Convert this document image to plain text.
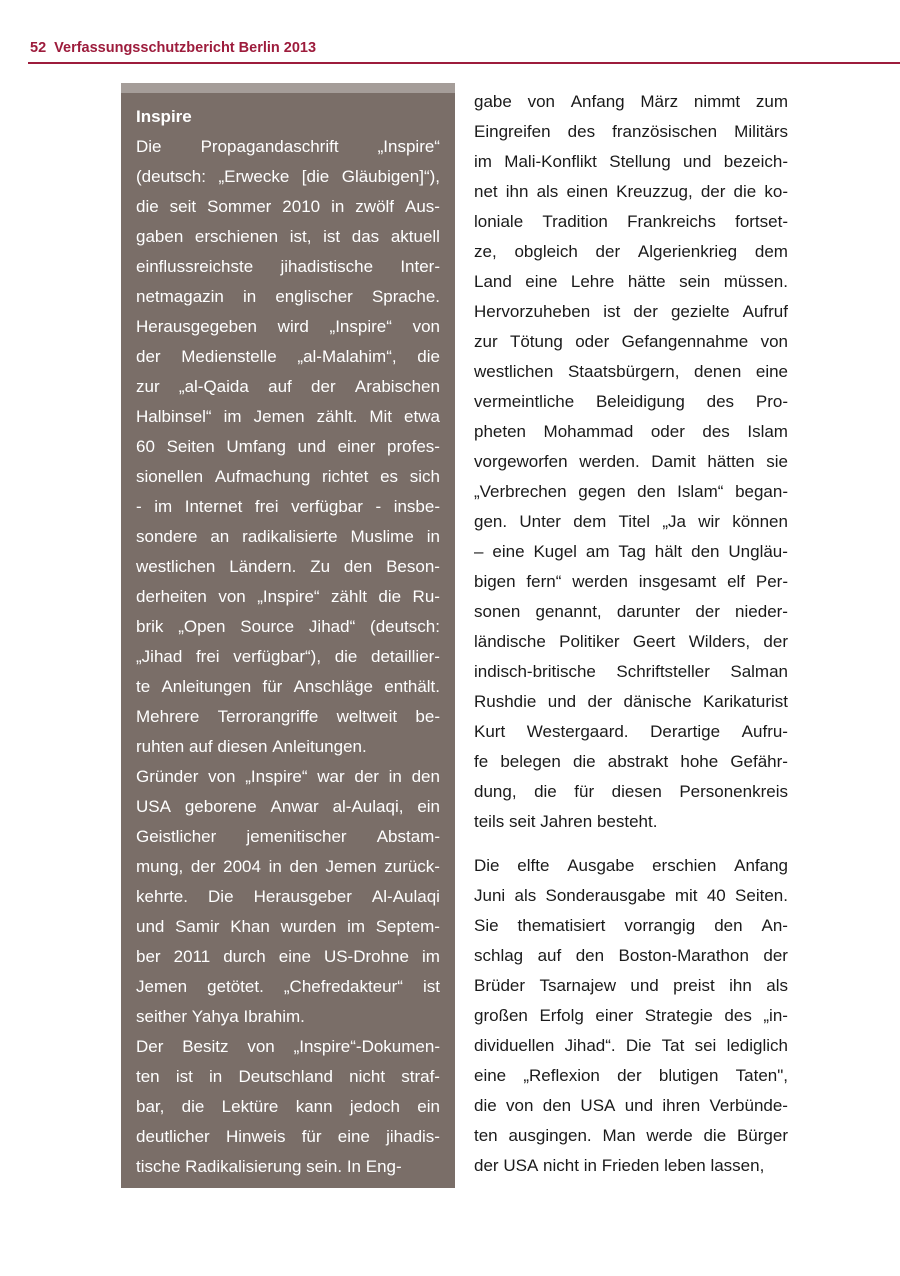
52 Verfassungsschutzbericht Berlin 2013
Inspire
Die Propagandaschrift „Inspire“
(deutsch: „Erwecke [die Gläubigen]“),
die seit Sommer 2010 in zwölf Aus-
gaben erschienen ist, ist das aktuell
einflussreichste jihadistische Inter-
netmagazin in englischer Sprache.
Herausgegeben wird „Inspire“ von
der Medienstelle „al-Malahim“, die
zur „al-Qaida auf der Arabischen
Halbinsel“ im Jemen zählt. Mit etwa
60 Seiten Umfang und einer profes-
sionellen Aufmachung richtet es sich
- im Internet frei verfügbar - insbe-
sondere an radikalisierte Muslime in
westlichen Ländern. Zu den Beson-
derheiten von „Inspire“ zählt die Ru-
brik „Open Source Jihad“ (deutsch:
„Jihad frei verfügbar“), die detaillier-
te Anleitungen für Anschläge enthält.
Mehrere Terrorangriffe weltweit be-
ruhten auf diesen Anleitungen.
Gründer von „Inspire“ war der in den
USA geborene Anwar al-Aulaqi, ein
Geistlicher jemenitischer Abstam-
mung, der 2004 in den Jemen zurück-
kehrte. Die Herausgeber Al-Aulaqi
und Samir Khan wurden im Septem-
ber 2011 durch eine US-Drohne im
Jemen getötet. „Chefredakteur“ ist
seither Yahya Ibrahim.
Der Besitz von „Inspire“-Dokumen-
ten ist in Deutschland nicht straf-
bar, die Lektüre kann jedoch ein
deutlicher Hinweis für eine jihadis-
tische Radikalisierung sein. In Eng-
gabe von Anfang März nimmt zum
Eingreifen des französischen Militärs
im Mali-Konflikt Stellung und bezeich-
net ihn als einen Kreuzzug, der die ko-
loniale Tradition Frankreichs fortset-
ze, obgleich der Algerienkrieg dem
Land eine Lehre hätte sein müssen.
Hervorzuheben ist der gezielte Aufruf
zur Tötung oder Gefangennahme von
westlichen Staatsbürgern, denen eine
vermeintliche Beleidigung des Pro-
pheten Mohammad oder des Islam
vorgeworfen werden. Damit hätten sie
„Verbrechen gegen den Islam“ began-
gen. Unter dem Titel „Ja wir können
– eine Kugel am Tag hält den Ungläu-
bigen fern“ werden insgesamt elf Per-
sonen genannt, darunter der nieder-
ländische Politiker Geert Wilders, der
indisch-britische Schriftsteller Salman
Rushdie und der dänische Karikaturist
Kurt Westergaard. Derartige Aufru-
fe belegen die abstrakt hohe Gefähr-
dung, die für diesen Personenkreis
teils seit Jahren besteht.
Die elfte Ausgabe erschien Anfang
Juni als Sonderausgabe mit 40 Seiten.
Sie thematisiert vorrangig den An-
schlag auf den Boston-Marathon der
Brüder Tsarnajew und preist ihn als
großen Erfolg einer Strategie des „in-
dividuellen Jihad“. Die Tat sei lediglich
eine „Reflexion der blutigen Taten",
die von den USA und ihren Verbünde-
ten ausgingen. Man werde die Bürger
der USA nicht in Frieden leben lassen,
